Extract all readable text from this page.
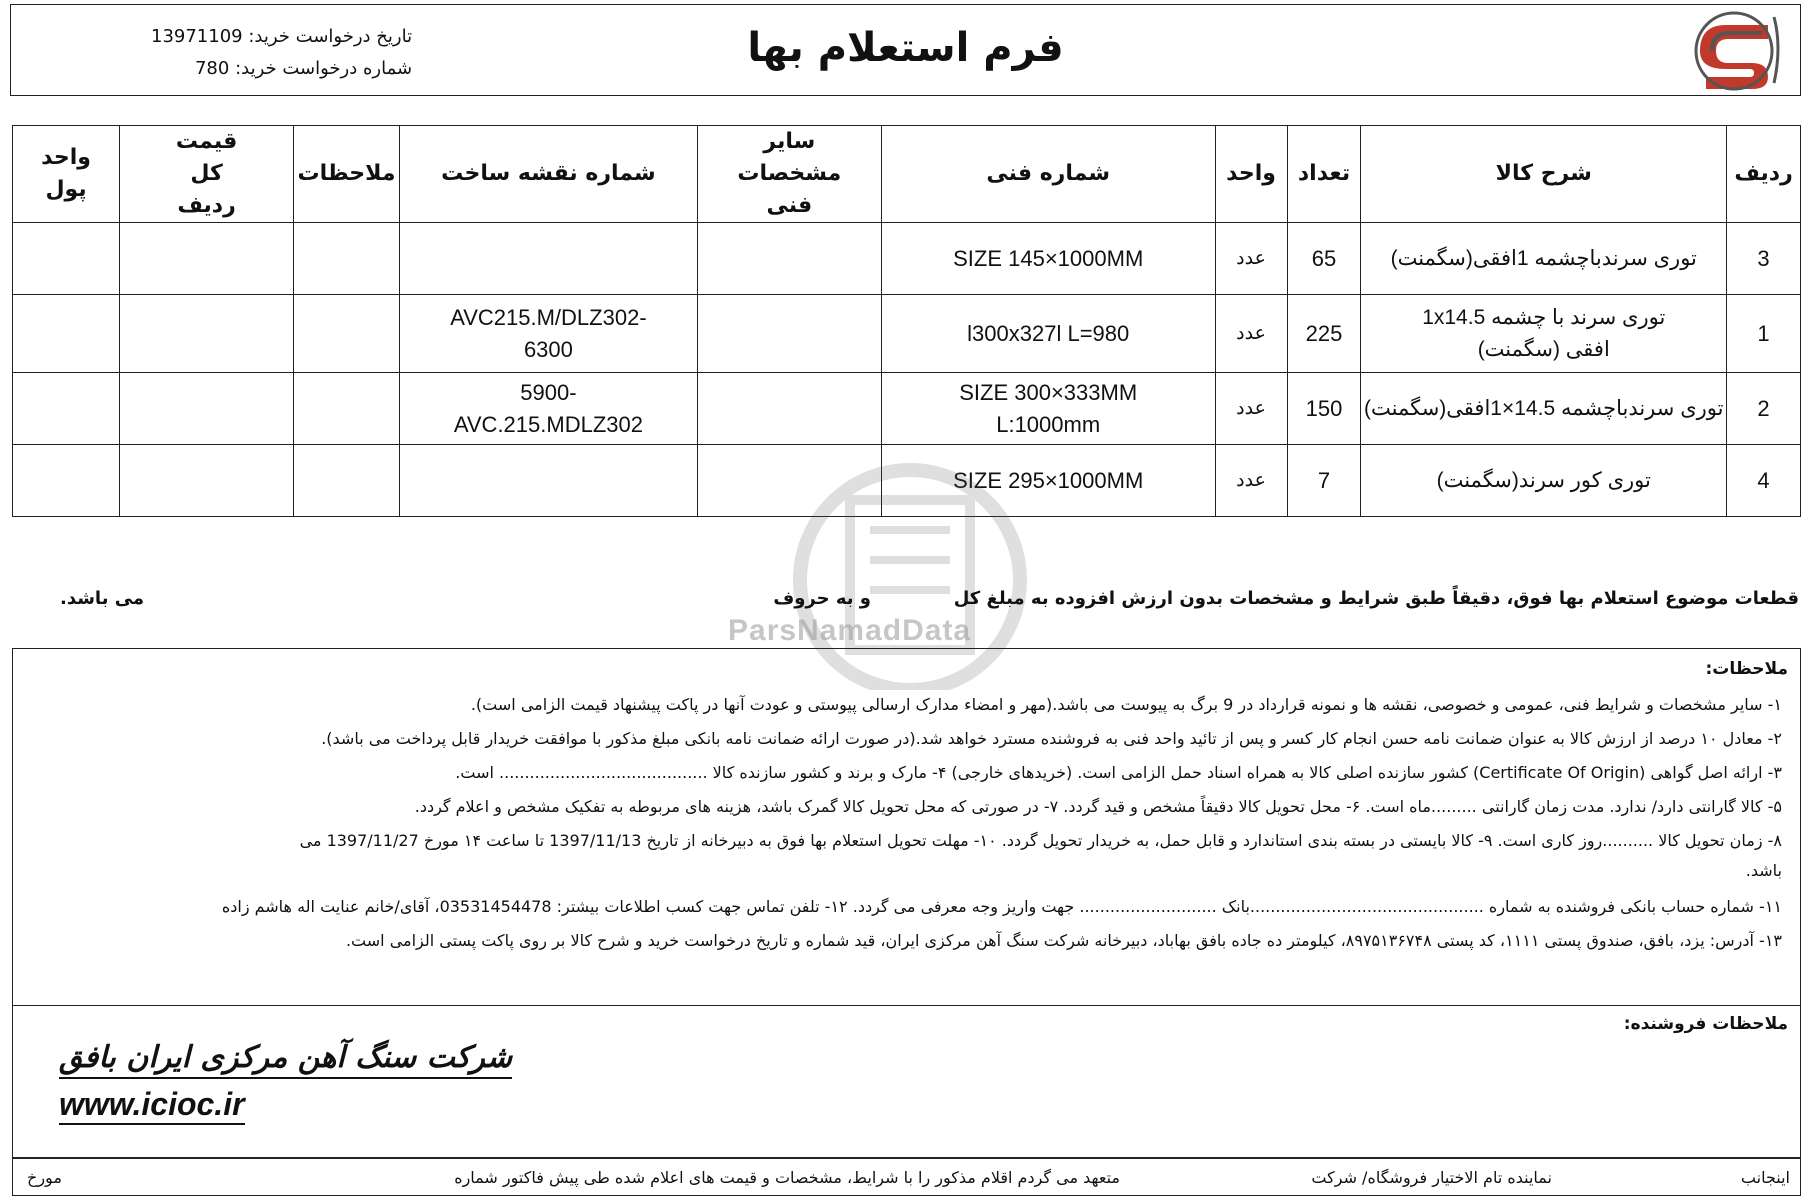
فرم استعلام بها
تاریخ درخواست خرید: 13971109
شماره درخواست خرید: 780
ردیف	شرح کالا	تعداد	واحد	شماره فنی	سایر مشخصات فنی	شماره نقشه ساخت	ملاحظات	قیمت کل ردیف	واحد پول
3	توری سرندباچشمه 1افقی(سگمنت)	65	عدد	SIZE 145×1000MM					
1	توری سرند با چشمه 1x14.5 افقی (سگمنت)	225	عدد	l300x327l L=980		AVC215.M/DLZ302-6300			
2	توری سرندباچشمه 14.5×1افقی(سگمنت)	150	عدد	SIZE 300×333MM L:1000mm		5900-AVC.215.MDLZ302			
4	توری کور سرند(سگمنت)	7	عدد	SIZE 295×1000MM					
ParsNamadData
قطعات موضوع استعلام بها فوق، دقیقاً طبق شرایط و مشخصات بدون ارزش افزوده به مبلغ کل
و به حروف
می باشد.
ملاحظات:
۱- سایر مشخصات و شرایط فنی، عمومی و خصوصی، نقشه ها و نمونه قرارداد در 9 برگ به پیوست می باشد.(مهر و امضاء مدارک ارسالی پیوستی و عودت آنها در پاکت پیشنهاد قیمت الزامی است).
۲- معادل ۱۰ درصد از ارزش کالا به عنوان ضمانت نامه حسن انجام کار کسر و پس از تائید واحد فنی به فروشنده مسترد خواهد شد.(در صورت ارائه ضمانت نامه بانکی مبلغ مذکور با موافقت خریدار قابل پرداخت می باشد).
۳- ارائه اصل گواهی (Certificate Of Origin) کشور سازنده اصلی کالا به همراه اسناد حمل الزامی است. (خریدهای خارجی) ۴- مارک و برند و کشور سازنده کالا ......................................... است.
۵- کالا گارانتی دارد/ ندارد. مدت زمان گارانتی .........ماه است. ۶- محل تحویل کالا دقیقاً مشخص و قید گردد. ۷- در صورتی که محل تحویل کالا گمرک باشد، هزینه های مربوطه به تفکیک مشخص و اعلام گردد.
۸- زمان تحویل کالا ..........روز کاری است. ۹- کالا بایستی در بسته بندی استاندارد و قابل حمل، به خریدار تحویل گردد. ۱۰- مهلت تحویل استعلام بها فوق به دبیرخانه از تاریخ 1397/11/13 تا ساعت ۱۴ مورخ 1397/11/27 می
باشد.
۱۱- شماره حساب بانکی فروشنده به شماره ..............................................بانک ........................... جهت واریز وجه معرفی می گردد. ۱۲- تلفن تماس جهت کسب اطلاعات بیشتر: 03531454478، آقای/خانم عنایت اله هاشم زاده
۱۳- آدرس: یزد، بافق، صندوق پستی ۱۱۱۱، کد پستی ۸۹۷۵۱۳۶۷۴۸، کیلومتر ده جاده بافق بهاباد، دبیرخانه شرکت سنگ آهن مرکزی ایران، قید شماره و تاریخ درخواست خرید و شرح کالا بر روی پاکت پستی الزامی است.
ملاحظات فروشنده:
شرکت سنگ آهن مرکزی ایران بافق
www.icioc.ir
اینجانب
نماینده تام الاختیار فروشگاه/ شرکت
متعهد می گردم اقلام مذکور را با شرایط، مشخصات و قیمت های اعلام شده طی پیش فاکتور شماره
مورخ
